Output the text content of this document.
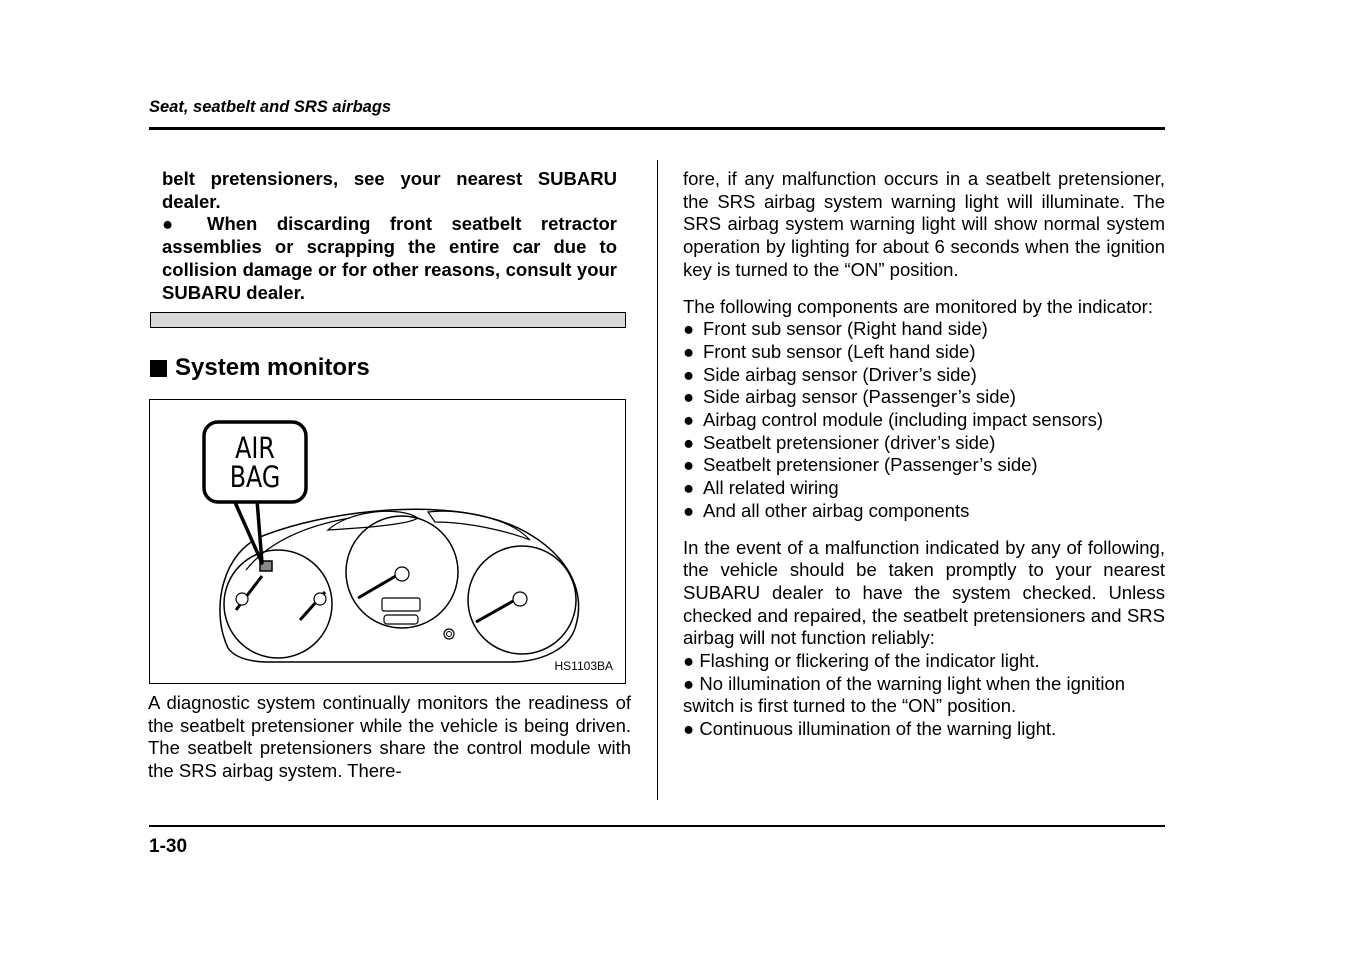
Seat, seatbelt and SRS airbags

belt pretensioners, see your nearest SUBARU dealer.

● When discarding front seatbelt retractor assemblies or scrapping the entire car due to collision damage or for other reasons, consult your SUBARU dealer.

System monitors
AIR
BAG
HS1103BA

A diagnostic system continually monitors the readiness of the seatbelt pretensioner while the vehicle is being driven. The seatbelt pretensioners share the control module with the SRS airbag system. There-

fore, if any malfunction occurs in a seatbelt pretensioner, the SRS airbag system warning light will illuminate. The SRS airbag system warning light will show normal system operation by lighting for about 6 seconds when the ignition key is turned to the “ON” position.

The following components are monitored by the indicator:

● Front sub sensor (Right hand side)
● Front sub sensor (Left hand side)
● Side airbag sensor (Driver’s side)
● Side airbag sensor (Passenger’s side)
● Airbag control module (including impact sensors)
● Seatbelt pretensioner (driver’s side)
● Seatbelt pretensioner (Passenger’s side)
● All related wiring
● And all other airbag components

In the event of a malfunction indicated by any of following, the vehicle should be taken promptly to your nearest SUBARU dealer to have the system checked. Unless checked and repaired, the seatbelt pretensioners and SRS airbag will not function reliably:

● Flashing or flickering of the indicator light.
● No illumination of the warning light when the ignition switch is first turned to the “ON” position.
● Continuous illumination of the warning light.
1-30
